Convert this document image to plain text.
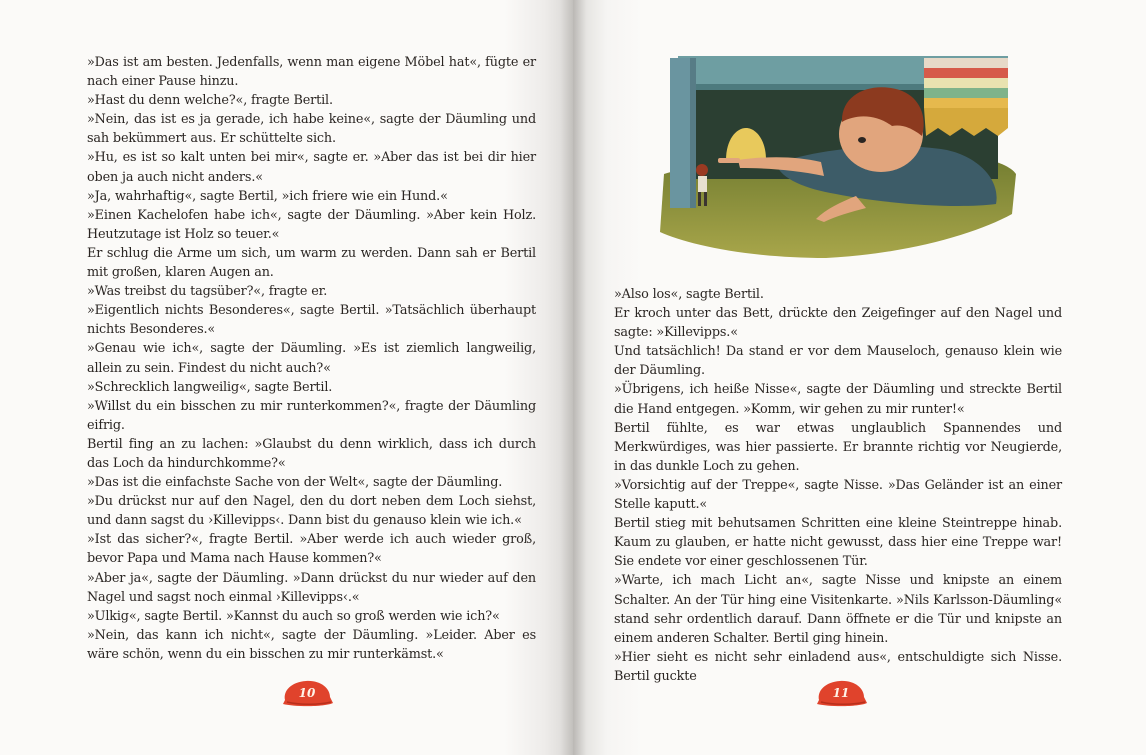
»Das ist am besten. Jedenfalls, wenn man eigene Möbel hat«, fügte er nach einer Pause hinzu.

»Hast du denn welche?«, fragte Bertil.

»Nein, das ist es ja gerade, ich habe keine«, sagte der Däumling und sah bekümmert aus. Er schüttelte sich.

»Hu, es ist so kalt unten bei mir«, sagte er. »Aber das ist bei dir hier oben ja auch nicht anders.«

»Ja, wahrhaftig«, sagte Bertil, »ich friere wie ein Hund.«

»Einen Kachelofen habe ich«, sagte der Däumling. »Aber kein Holz. Heutzutage ist Holz so teuer.«

Er schlug die Arme um sich, um warm zu werden. Dann sah er Bertil mit großen, klaren Augen an.

»Was treibst du tagsüber?«, fragte er.

»Eigentlich nichts Besonderes«, sagte Bertil. »Tatsächlich überhaupt nichts Besonderes.«

»Genau wie ich«, sagte der Däumling. »Es ist ziemlich langweilig, allein zu sein. Findest du nicht auch?«

»Schrecklich langweilig«, sagte Bertil.

»Willst du ein bisschen zu mir runterkommen?«, fragte der Däumling eifrig.

Bertil fing an zu lachen: »Glaubst du denn wirklich, dass ich durch das Loch da hindurchkomme?«

»Das ist die einfachste Sache von der Welt«, sagte der Däumling.

»Du drückst nur auf den Nagel, den du dort neben dem Loch siehst, und dann sagst du ›Killevipps‹. Dann bist du genauso klein wie ich.«

»Ist das sicher?«, fragte Bertil. »Aber werde ich auch wieder groß, bevor Papa und Mama nach Hause kommen?«

»Aber ja«, sagte der Däumling. »Dann drückst du nur wieder auf den Nagel und sagst noch einmal ›Killevipps‹.«

»Ulkig«, sagte Bertil. »Kannst du auch so groß werden wie ich?«

»Nein, das kann ich nicht«, sagte der Däumling. »Leider. Aber es wäre schön, wenn du ein bisschen zu mir runterkämst.«

10

»Also los«, sagte Bertil.

Er kroch unter das Bett, drückte den Zeigefinger auf den Nagel und sagte: »Killevipps.«

Und tatsächlich! Da stand er vor dem Mauseloch, genauso klein wie der Däumling.

»Übrigens, ich heiße Nisse«, sagte der Däumling und streckte Bertil die Hand entgegen. »Komm, wir gehen zu mir runter!«

Bertil fühlte, es war etwas unglaublich Spannendes und Merkwürdiges, was hier passierte. Er brannte richtig vor Neugierde, in das dunkle Loch zu gehen.

»Vorsichtig auf der Treppe«, sagte Nisse. »Das Geländer ist an einer Stelle kaputt.«

Bertil stieg mit behutsamen Schritten eine kleine Steintreppe hinab. Kaum zu glauben, er hatte nicht gewusst, dass hier eine Treppe war! Sie endete vor einer geschlossenen Tür.

»Warte, ich mach Licht an«, sagte Nisse und knipste an einem Schalter. An der Tür hing eine Visitenkarte. »Nils Karlsson-Däumling« stand sehr ordentlich darauf. Dann öffnete er die Tür und knipste an einem anderen Schalter. Bertil ging hinein.

»Hier sieht es nicht sehr einladend aus«, entschuldigte sich Nisse. Bertil guckte

11
